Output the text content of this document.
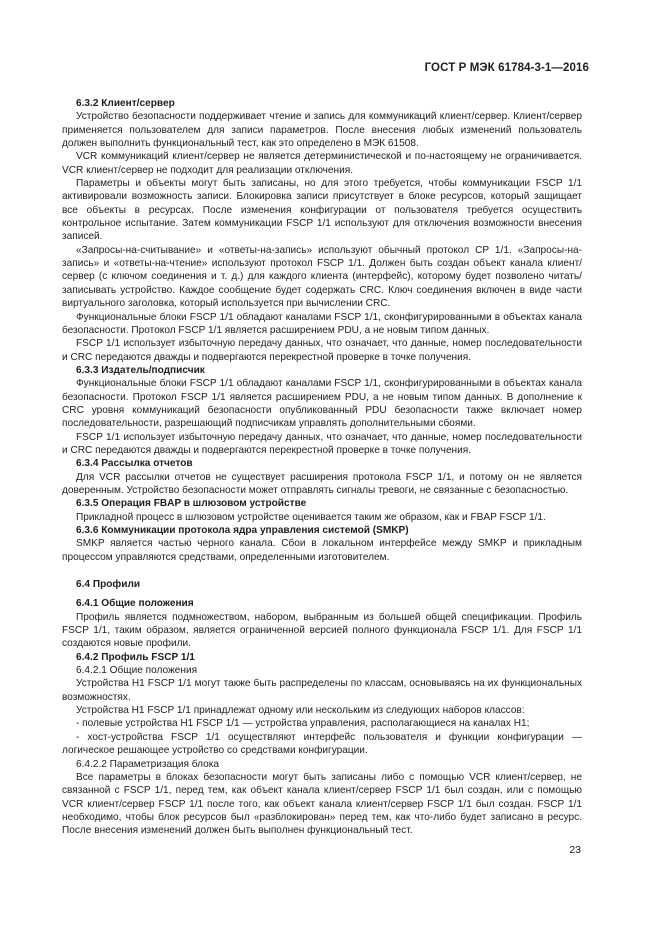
ГОСТ Р МЭК 61784-3-1—2016
6.3.2 Клиент/сервер

Устройство безопасности поддерживает чтение и запись для коммуникаций клиент/сервер. Клиент/сервер применяется пользователем для записи параметров. После внесения любых изменений пользователь должен выполнить функциональный тест, как это определено в МЭК 61508.

VCR коммуникаций клиент/сервер не является детерминистической и по-настоящему не ограничивается. VCR клиент/сервер не подходит для реализации отключения.

Параметры и объекты могут быть записаны, но для этого требуется, чтобы коммуникации FSCP 1/1 активировали возможность записи. Блокировка записи присутствует в блоке ресурсов, который защищает все объекты в ресурсах. После изменения конфигурации от пользователя требуется осуществить контрольное испытание. Затем коммуникации FSCP 1/1 используют для отключения возможности внесения записей.

«Запросы-на-считывание» и «ответы-на-запись» используют обычный протокол CP 1/1. «Запросы-на-запись» и «ответы-на-чтение» используют протокол FSCP 1/1. Должен быть создан объект канала клиент/сервер (с ключом соединения и т. д.) для каждого клиента (интерфейс), которому будет позволено читать/записывать устройство. Каждое сообщение будет содержать CRC. Ключ соединения включен в виде части виртуального заголовка, который используется при вычислении CRC.

Функциональные блоки FSCP 1/1 обладают каналами FSCP 1/1, сконфигурированными в объектах канала безопасности. Протокол FSCP 1/1 является расширением PDU, а не новым типом данных.

FSCP 1/1 использует избыточную передачу данных, что означает, что данные, номер последовательности и CRC передаются дважды и подвергаются перекрестной проверке в точке получения.

6.3.3 Издатель/подписчик

Функциональные блоки FSCP 1/1 обладают каналами FSCP 1/1, сконфигурированными в объектах канала безопасности. Протокол FSCP 1/1 является расширением PDU, а не новым типом данных. В дополнение к CRC уровня коммуникаций безопасности опубликованный PDU безопасности также включает номер последовательности, разрешающий подписчикам управлять дополнительными сбоями.

FSCP 1/1 использует избыточную передачу данных, что означает, что данные, номер последовательности и CRC передаются дважды и подвергаются перекрестной проверке в точке получения.

6.3.4 Рассылка отчетов

Для VCR рассылки отчетов не существует расширения протокола FSCP 1/1, и потому он не является доверенным. Устройство безопасности может отправлять сигналы тревоги, не связанные с безопасностью.

6.3.5 Операция FBAP в шлюзовом устройстве

Прикладной процесс в шлюзовом устройстве оценивается таким же образом, как и FBAP FSCP 1/1.

6.3.6 Коммуникации протокола ядра управления системой (SMKP)

SMKP является частью черного канала. Сбои в локальном интерфейсе между SMKP и прикладным процессом управляются средствами, определенными изготовителем.

6.4 Профили
6.4.1 Общие положения

Профиль является подмножеством, набором, выбранным из большей общей спецификации. Профиль FSCP 1/1, таким образом, является ограниченной версией полного функционала FSCP 1/1. Для FSCP 1/1 создаются новые профили.

6.4.2 Профиль FSCP 1/1
6.4.2.1 Общие положения

Устройства H1 FSCP 1/1 могут также быть распределены по классам, основываясь на их функциональных возможностях.

Устройства H1 FSCP 1/1 принадлежат одному или нескольким из следующих наборов классов:

- полевые устройства H1 FSCP 1/1 — устройства управления, располагающиеся на каналах H1;

- хост-устройства FSCP 1/1 осуществляют интерфейс пользователя и функции конфигурации — логическое решающее устройство со средствами конфигурации.

6.4.2.2 Параметризация блока

Все параметры в блоках безопасности могут быть записаны либо с помощью VCR клиент/сервер, не связанной с FSCP 1/1, перед тем, как объект канала клиент/сервер FSCP 1/1 был создан, или с помощью VCR клиент/сервер FSCP 1/1 после того, как объект канала клиент/сервер FSCP 1/1 был создан. FSCP 1/1 необходимо, чтобы блок ресурсов был «разблокирован» перед тем, как что-либо будет записано в ресурс. После внесения изменений должен быть выполнен функциональный тест.

23
